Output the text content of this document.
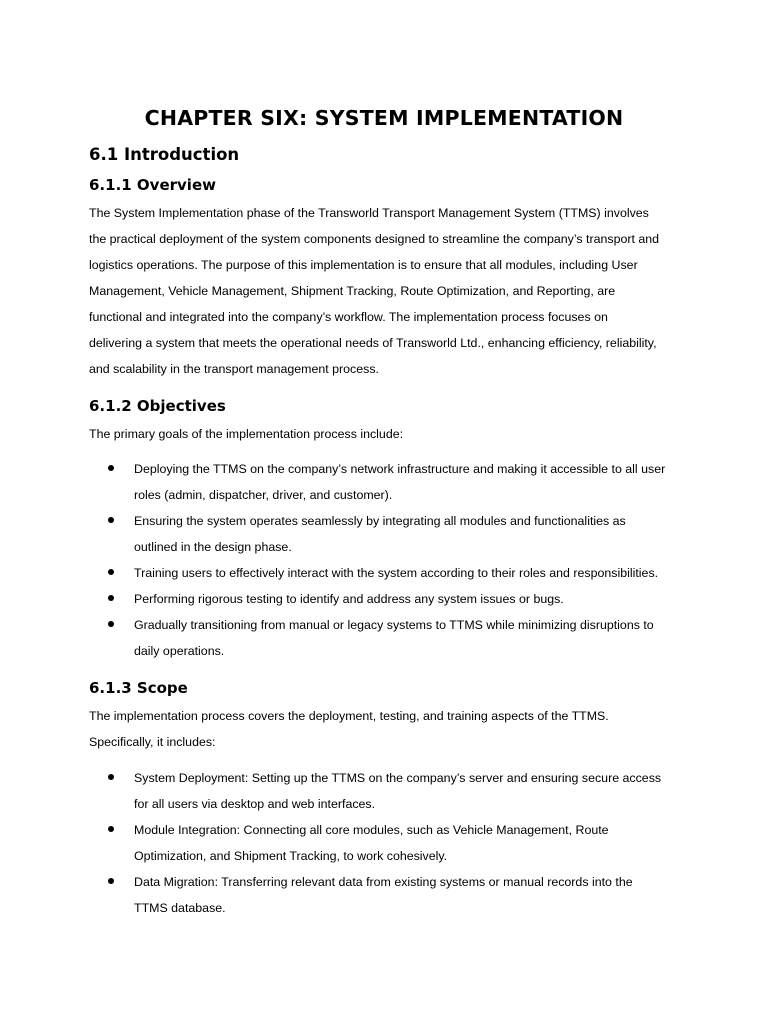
CHAPTER SIX: SYSTEM IMPLEMENTATION
6.1 Introduction
6.1.1 Overview
The System Implementation phase of the Transworld Transport Management System (TTMS) involves
the practical deployment of the system components designed to streamline the company’s transport and
logistics operations. The purpose of this implementation is to ensure that all modules, including User
Management, Vehicle Management, Shipment Tracking, Route Optimization, and Reporting, are
functional and integrated into the company’s workflow. The implementation process focuses on
delivering a system that meets the operational needs of Transworld Ltd., enhancing efficiency, reliability,
and scalability in the transport management process.
6.1.2 Objectives
The primary goals of the implementation process include:
Deploying the TTMS on the company’s network infrastructure and making it accessible to all user
roles (admin, dispatcher, driver, and customer).
Ensuring the system operates seamlessly by integrating all modules and functionalities as
outlined in the design phase.
Training users to effectively interact with the system according to their roles and responsibilities.
Performing rigorous testing to identify and address any system issues or bugs.
Gradually transitioning from manual or legacy systems to TTMS while minimizing disruptions to
daily operations.
6.1.3 Scope
The implementation process covers the deployment, testing, and training aspects of the TTMS.
Specifically, it includes:
System Deployment: Setting up the TTMS on the company’s server and ensuring secure access
for all users via desktop and web interfaces.
Module Integration: Connecting all core modules, such as Vehicle Management, Route
Optimization, and Shipment Tracking, to work cohesively.
Data Migration: Transferring relevant data from existing systems or manual records into the
TTMS database.
